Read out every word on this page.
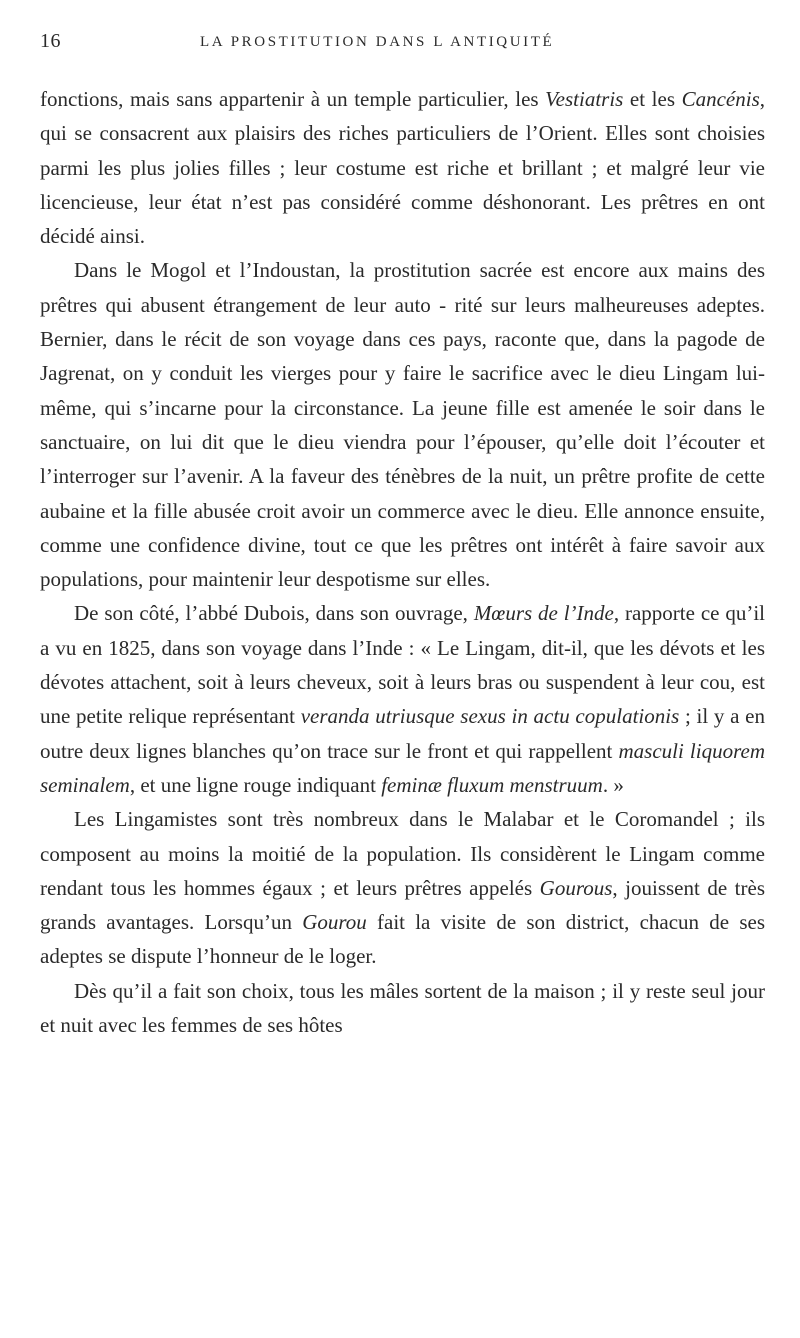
16	LA PROSTITUTION DANS L ANTIQUITÉ

fonctions, mais sans appartenir à un temple particulier, les Vestiatris et les Cancénis, qui se consacrent aux plaisirs des riches particuliers de l’Orient. Elles sont choisies parmi les plus jolies filles ; leur costume est riche et brillant ; et malgré leur vie licencieuse, leur état n’est pas considéré comme déshonorant. Les prêtres en ont décidé ainsi.

Dans le Mogol et l’Indoustan, la prostitution sacrée est encore aux mains des prêtres qui abusent étrangement de leur auto - rité sur leurs malheureuses adeptes. Bernier, dans le récit de son voyage dans ces pays, raconte que, dans la pagode de Jagrenat, on y conduit les vierges pour y faire le sacrifice avec le dieu Lingam lui-même, qui s’incarne pour la circonstance. La jeune fille est amenée le soir dans le sanctuaire, on lui dit que le dieu viendra pour l’épouser, qu’elle doit l’écouter et l’interroger sur l’avenir. A la faveur des ténèbres de la nuit, un prêtre profite de cette aubaine et la fille abusée croit avoir un commerce avec le dieu. Elle annonce ensuite, comme une confidence divine, tout ce que les prêtres ont intérêt à faire savoir aux populations, pour maintenir leur despotisme sur elles.

De son côté, l’abbé Dubois, dans son ouvrage, Mœurs de l’Inde, rapporte ce qu’il a vu en 1825, dans son voyage dans l’Inde : « Le Lingam, dit-il, que les dévots et les dévotes attachent, soit à leurs cheveux, soit à leurs bras ou suspendent à leur cou, est une petite relique représentant veranda utriusque sexus in actu copulationis ; il y a en outre deux lignes blanches qu’on trace sur le front et qui rappellent masculi liquorem seminalem, et une ligne rouge indiquant feminæ fluxum menstruum. »

Les Lingamistes sont très nombreux dans le Malabar et le Coromandel ; ils composent au moins la moitié de la population. Ils considèrent le Lingam comme rendant tous les hommes égaux ; et leurs prêtres appelés Gourous, jouissent de très grands avantages. Lorsqu’un Gourou fait la visite de son district, chacun de ses adeptes se dispute l’honneur de le loger.

Dès qu’il a fait son choix, tous les mâles sortent de la maison ; il y reste seul jour et nuit avec les femmes de ses hôtes
